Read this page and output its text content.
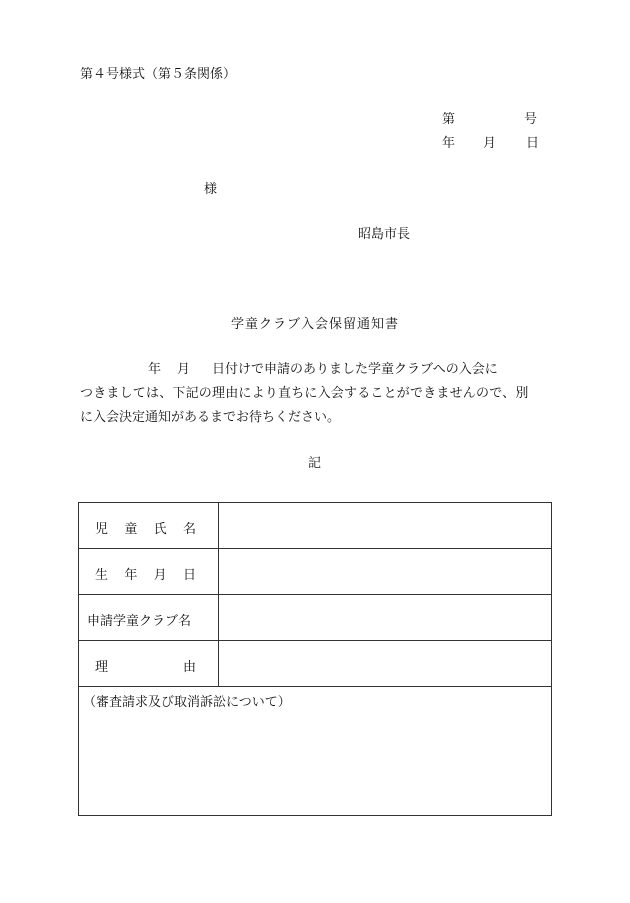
第４号様式（第５条関係）
第	号
年 月 日
様
昭島市長
学童クラブ入会保留通知書
年 月 日付けで申請のありました学童クラブへの入会に
つきましては、下記の理由により直ちに入会することができませんので、別
に入会決定通知があるまでお待ちください。
記
児 童 氏 名	

生 年 月 日	

申請学童クラブ名	

理 由	

（審査請求及び取消訴訟について）	
